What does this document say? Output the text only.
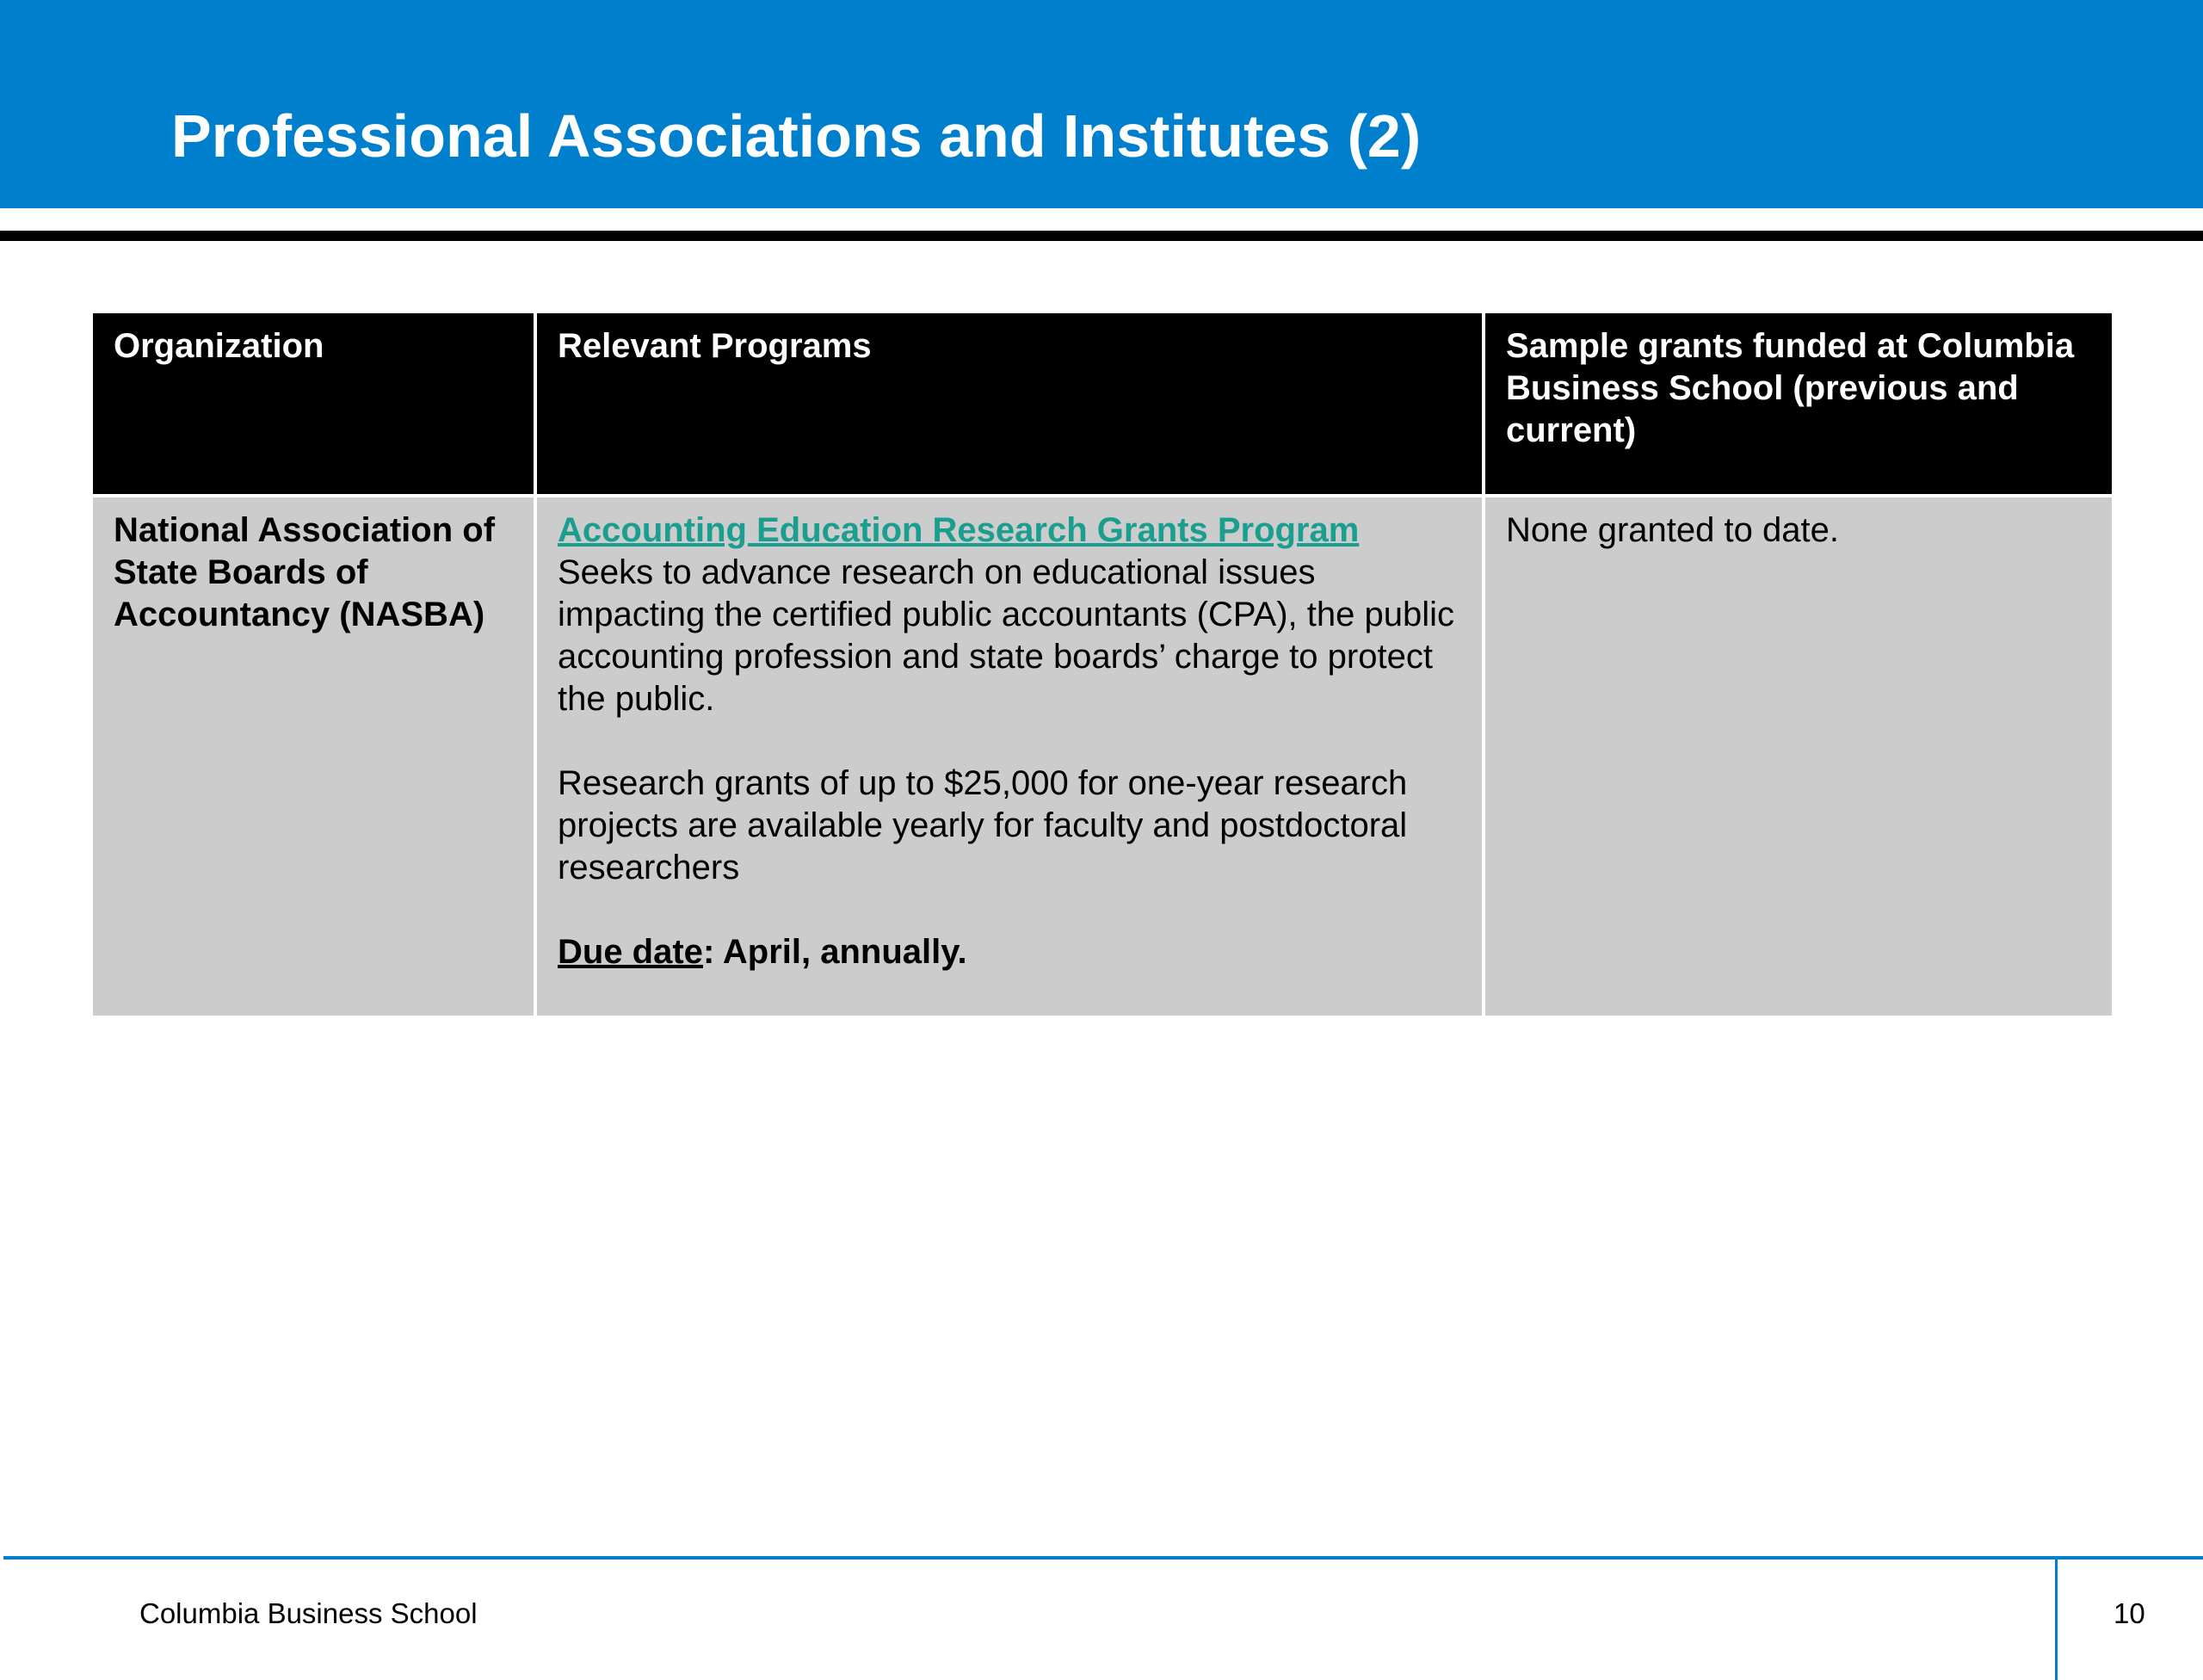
Professional Associations and Institutes (2)
Organization	Relevant Programs	Sample grants funded at Columbia Business School (previous and current)
National Association of State Boards of Accountancy (NASBA)	Accounting Education Research Grants Program
Seeks to advance research on educational issues impacting the certified public accountants (CPA), the public accounting profession and state boards’ charge to protect the public.

Research grants of up to $25,000 for one-year research projects are available yearly for faculty and postdoctoral researchers

Due date: April, annually.	None granted to date.
Columbia Business School	10
